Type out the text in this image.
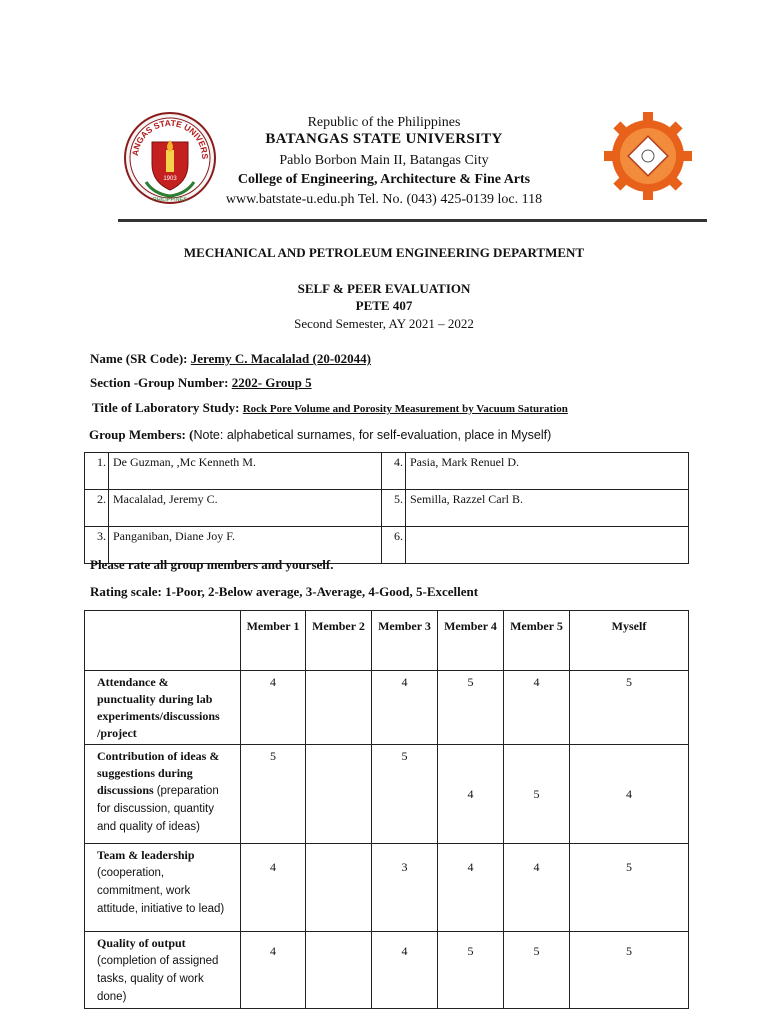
ANGAS STATE UNIVERS
1903
PHILIPPINES
Republic of the Philippines
BATANGAS STATE UNIVERSITY
Pablo Borbon Main II, Batangas City
College of Engineering, Architecture & Fine Arts
www.batstate-u.edu.ph Tel. No. (043) 425-0139 loc. 118
MECHANICAL AND PETROLEUM ENGINEERING DEPARTMENT
SELF & PEER EVALUATION
PETE 407
Second Semester, AY 2021 – 2022
Name (SR Code): Jeremy C. Macalalad (20-02044)
Section -Group Number: 2202- Group 5
Title of Laboratory Study: Rock Pore Volume and Porosity Measurement by Vacuum Saturation
Group Members: (Note: alphabetical surnames, for self-evaluation, place in Myself)
1.	De Guzman, ,Mc Kenneth M.	4.	Pasia, Mark Renuel D.
2.	Macalalad, Jeremy C.	5.	Semilla, Razzel Carl B.
3.	Panganiban, Diane Joy F.	6.	
Please rate all group members and yourself.
Rating scale: 1-Poor, 2-Below average, 3-Average, 4-Good, 5-Excellent
	Member 1	Member 2	Member 3	Member 4	Member 5	Myself
Attendance & punctuality during lab experiments/discussions /project	4		4	5	4	5
Contribution of ideas & suggestions during discussions (preparation for discussion, quantity and quality of ideas)	5		5	4	5	4
Team & leadership
(cooperation, commitment, work attitude, initiative to lead)	4		3	4	4	5
Quality of output
(completion of assigned tasks, quality of work done)	4		4	5	5	5
